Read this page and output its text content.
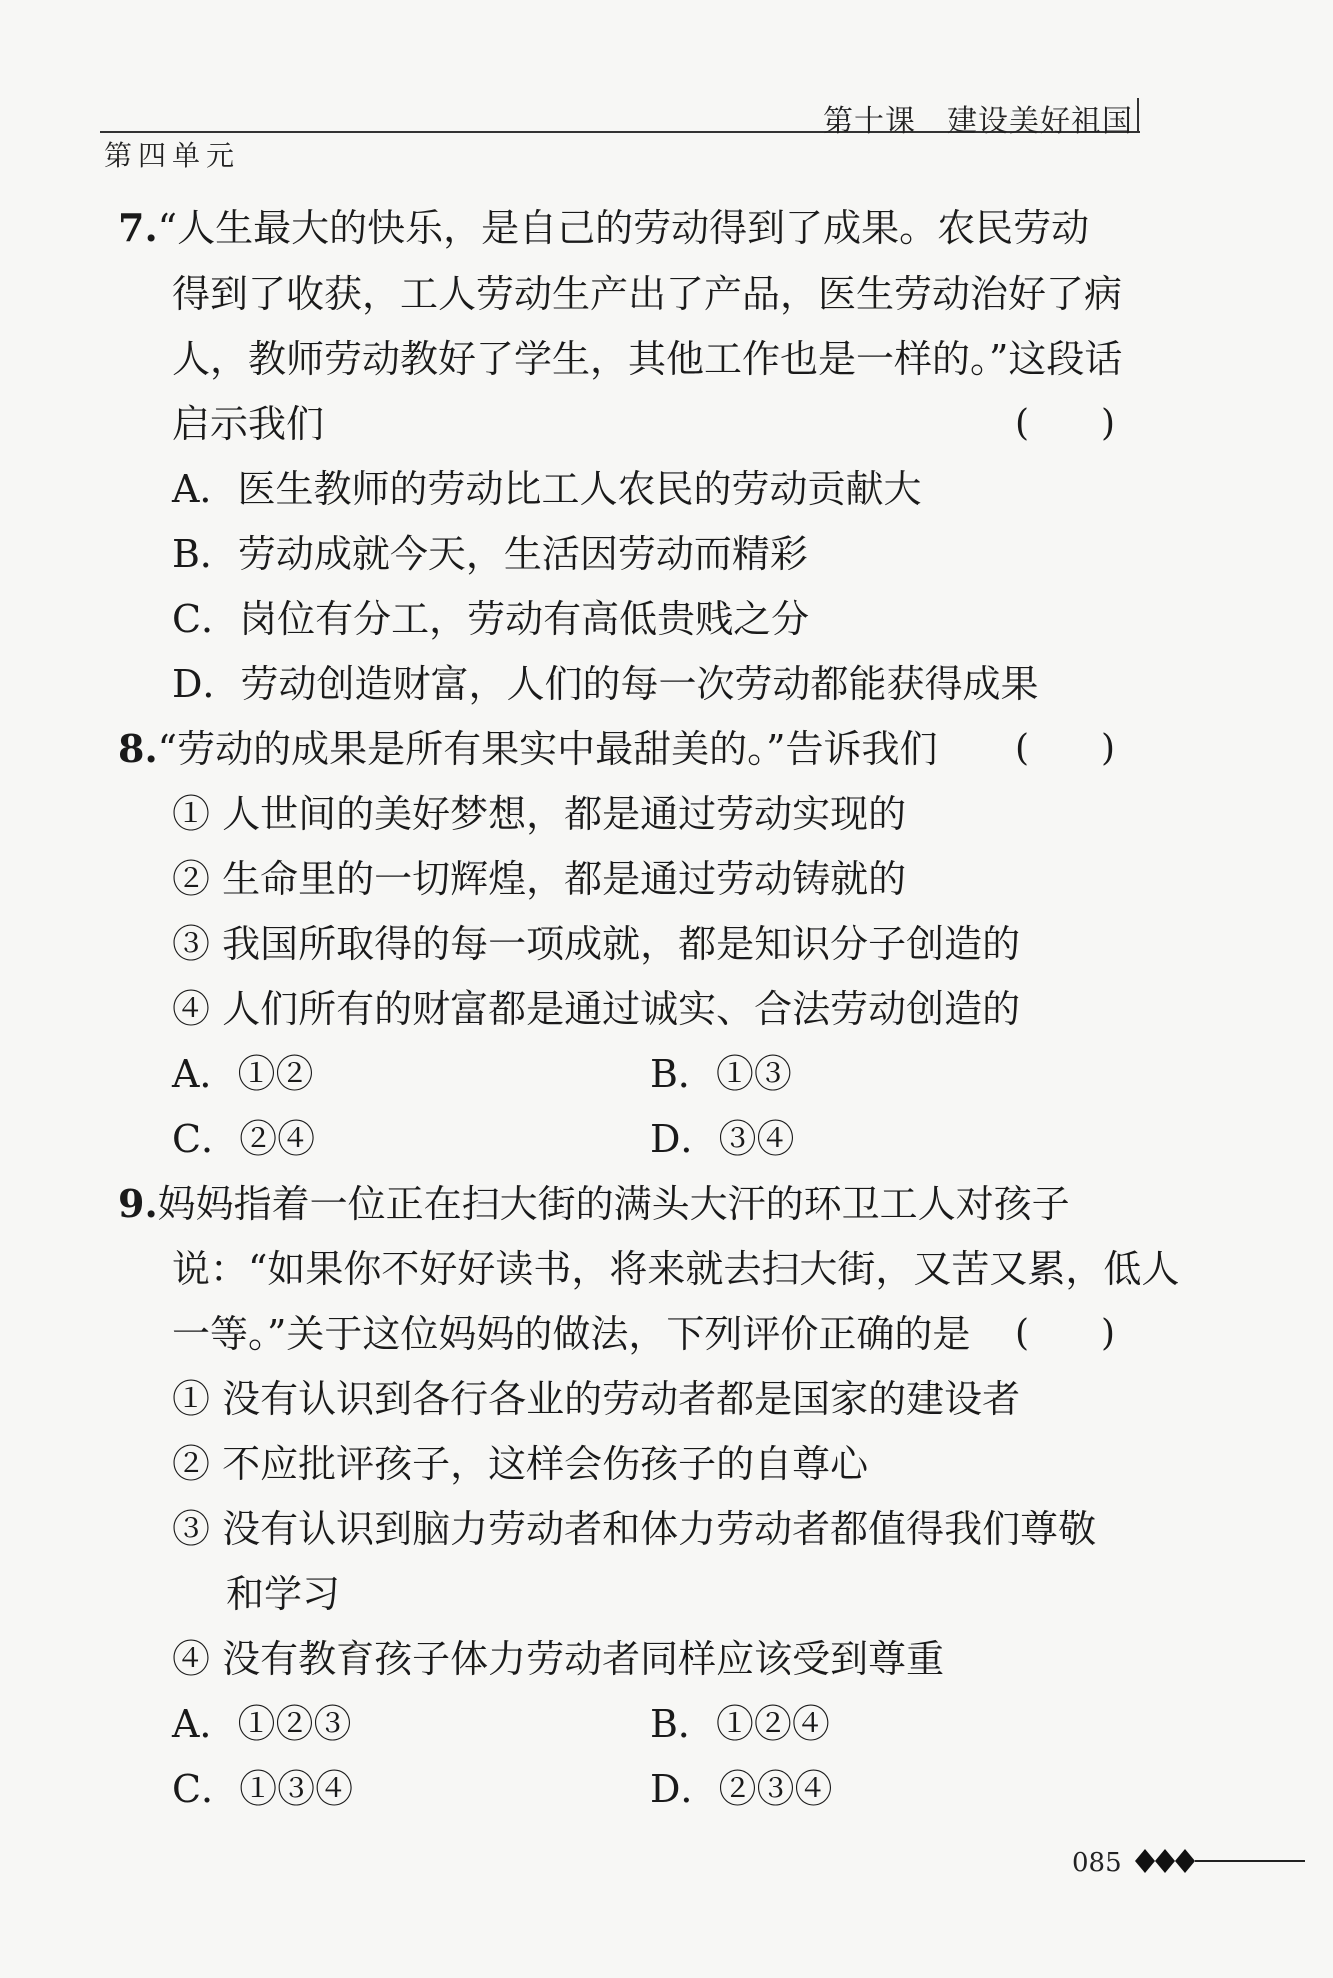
第十课　建设美好祖国
第四单元
7.“人生最大的快乐，是自己的劳动得到了成果。农民劳动
得到了收获，工人劳动生产出了产品，医生劳动治好了病
人，教师劳动教好了学生，其他工作也是一样的。”这段话
启示我们	(　　)
A．医生教师的劳动比工人农民的劳动贡献大
B．劳动成就今天，生活因劳动而精彩
C．岗位有分工，劳动有高低贵贱之分
D．劳动创造财富，人们的每一次劳动都能获得成果
8.“劳动的成果是所有果实中最甜美的。”告诉我们 (　　)
① 人世间的美好梦想，都是通过劳动实现的
② 生命里的一切辉煌，都是通过劳动铸就的
③ 我国所取得的每一项成就，都是知识分子创造的
④ 人们所有的财富都是通过诚实、合法劳动创造的
A．①②	B．①③
C．②④	D．③④
9.妈妈指着一位正在扫大街的满头大汗的环卫工人对孩子
说：“如果你不好好读书，将来就去扫大街，又苦又累，低人
一等。”关于这位妈妈的做法，下列评价正确的是 (　　)
① 没有认识到各行各业的劳动者都是国家的建设者
② 不应批评孩子，这样会伤孩子的自尊心
③ 没有认识到脑力劳动者和体力劳动者都值得我们尊敬
和学习
④ 没有教育孩子体力劳动者同样应该受到尊重
A．①②③	B．①②④
C．①③④	D．②③④
085
